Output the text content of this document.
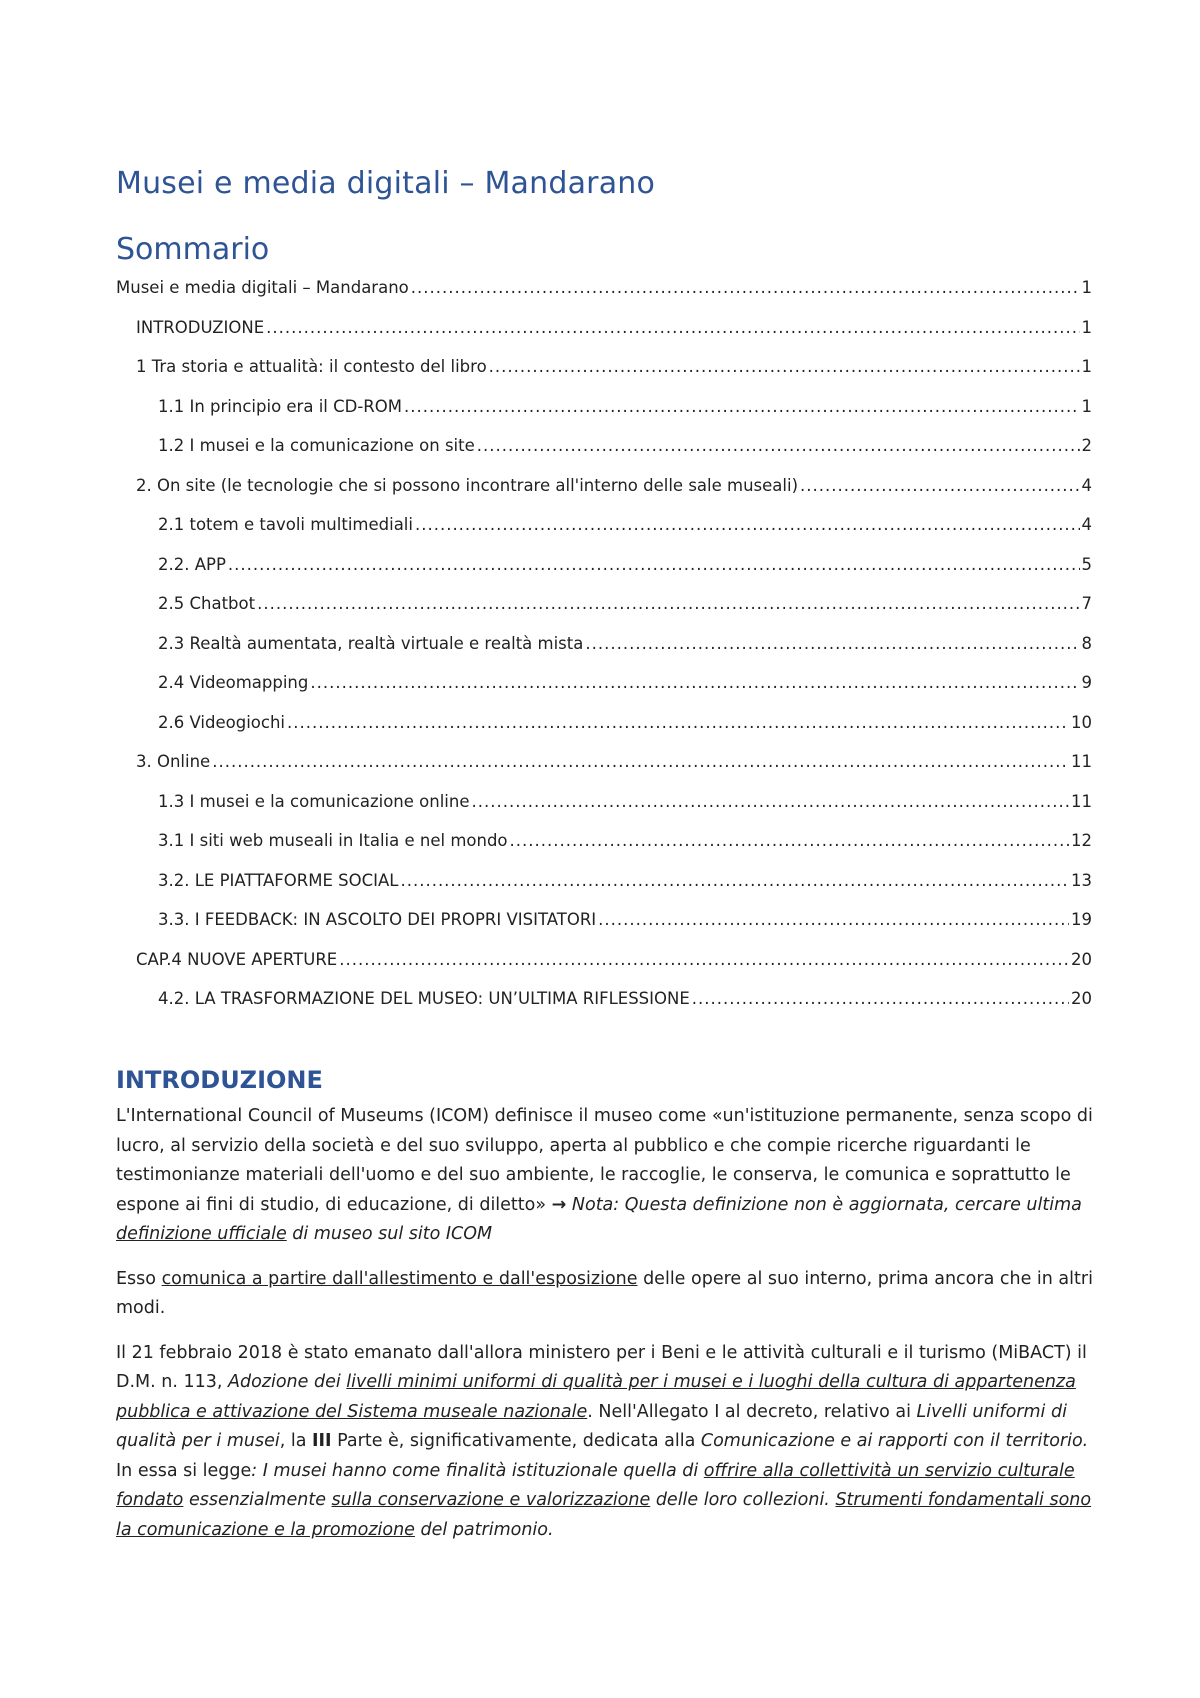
Musei e media digitali – Mandarano
Sommario
Musei e media digitali – Mandarano .....	1
INTRODUZIONE .....	1
1 Tra storia e attualità: il contesto del libro .....	1
1.1 In principio era il CD-ROM .....	1
1.2 I musei e la comunicazione on site .....	2
2. On site (le tecnologie che si possono incontrare all'interno delle sale museali) .....	4
2.1 totem e tavoli multimediali .....	4
2.2. APP .....	5
2.5 Chatbot .....	7
2.3 Realtà aumentata, realtà virtuale e realtà mista .....	8
2.4 Videomapping .....	9
2.6 Videogiochi .....	10
3. Online .....	11
1.3 I musei e la comunicazione online .....	11
3.1 I siti web museali in Italia e nel mondo .....	12
3.2. LE PIATTAFORME SOCIAL .....	13
3.3. I FEEDBACK: IN ASCOLTO DEI PROPRI VISITATORI .....	19
CAP.4 NUOVE APERTURE .....	20
4.2. LA TRASFORMAZIONE DEL MUSEO: UN’ULTIMA RIFLESSIONE .....	20
INTRODUZIONE

L'International Council of Museums (ICOM) definisce il museo come «un'istituzione permanente, senza scopo di lucro, al servizio della società e del suo sviluppo, aperta al pubblico e che compie ricerche riguardanti le testimonianze materiali dell'uomo e del suo ambiente, le raccoglie, le conserva, le comunica e soprattutto le espone ai fini di studio, di educazione, di diletto» → Nota: Questa definizione non è aggiornata, cercare ultima definizione ufficiale di museo sul sito ICOM

Esso comunica a partire dall'allestimento e dall'esposizione delle opere al suo interno, prima ancora che in altri modi.

Il 21 febbraio 2018 è stato emanato dall'allora ministero per i Beni e le attività culturali e il turismo (MiBACT) il D.M. n. 113, Adozione dei livelli minimi uniformi di qualità per i musei e i luoghi della cultura di appartenenza pubblica e attivazione del Sistema museale nazionale. Nell'Allegato I al decreto, relativo ai Livelli uniformi di qualità per i musei, la III Parte è, significativamente, dedicata alla Comunicazione e ai rapporti con il territorio.

In essa si legge: I musei hanno come finalità istituzionale quella di offrire alla collettività un servizio culturale fondato essenzialmente sulla conservazione e valorizzazione delle loro collezioni. Strumenti fondamentali sono la comunicazione e la promozione del patrimonio.
